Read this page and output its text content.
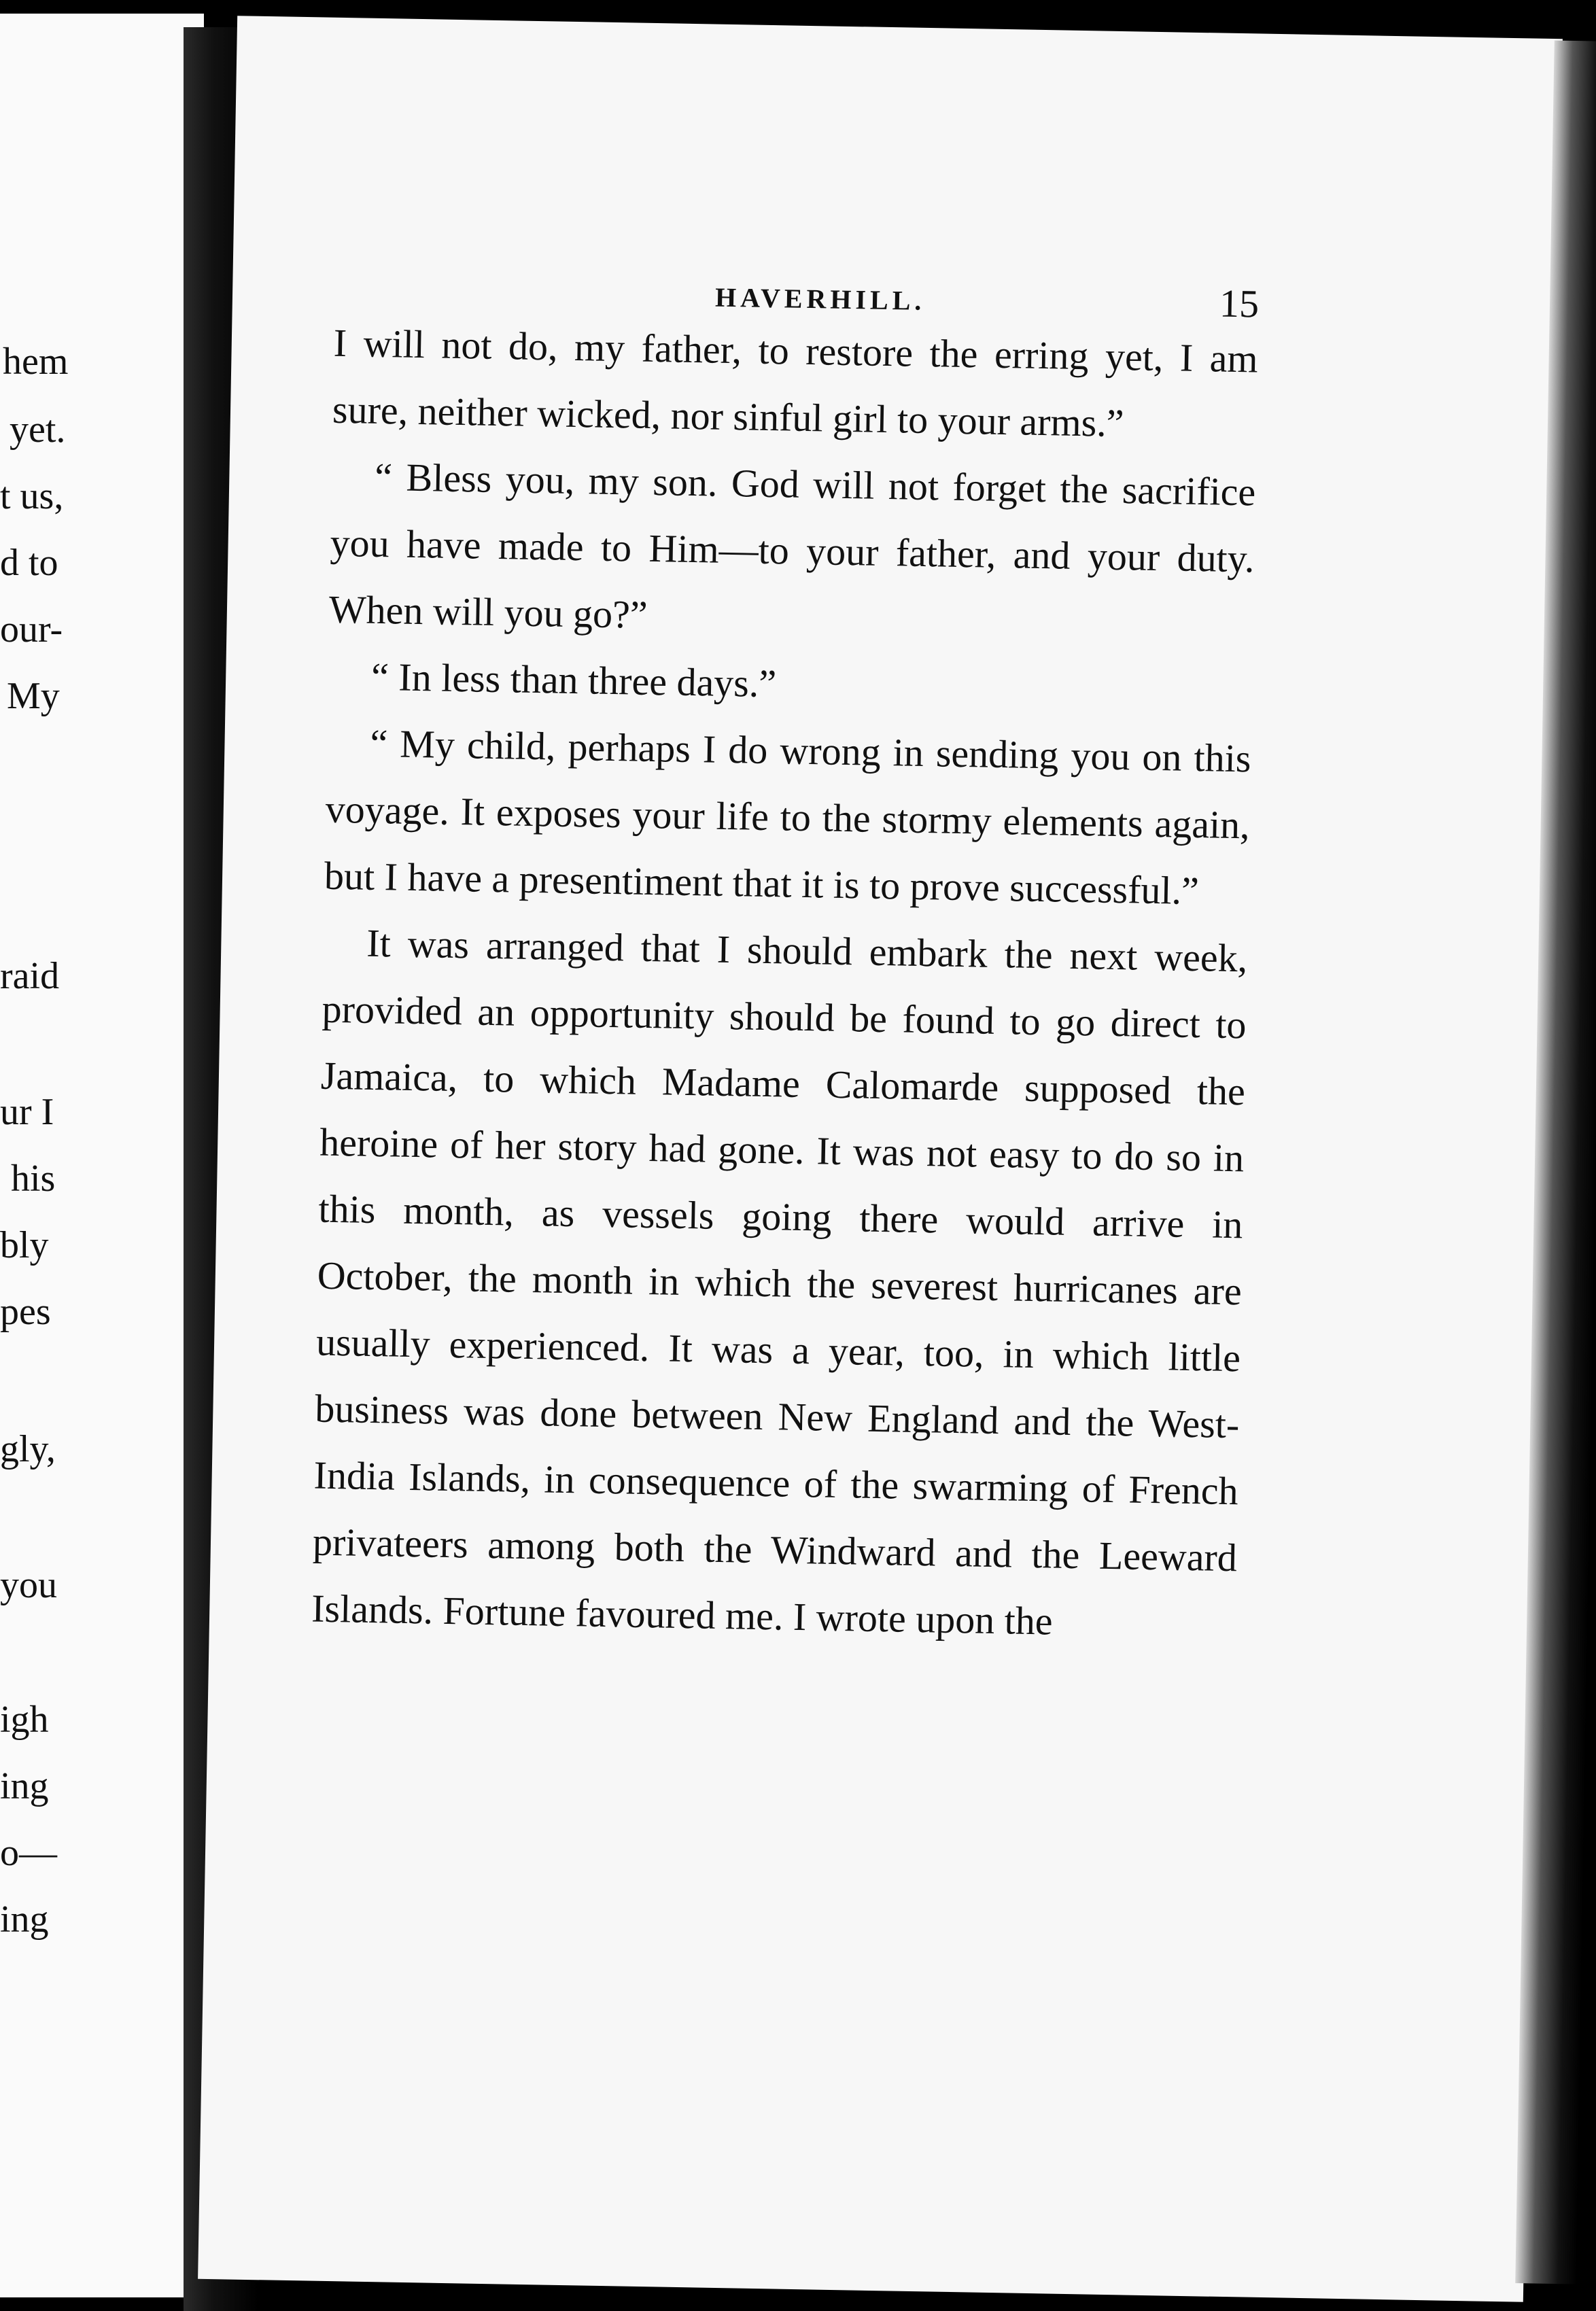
hem
yet.
t us,
d to
our-
My
raid
ur I
his
bly
pes
gly,
you
igh
ing
o—
ing
HAVERHILL.	15

I will not do, my father, to restore the erring yet, I am sure, neither wicked, nor sinful girl to your arms.”

“ Bless you, my son. God will not forget the sacrifice you have made to Him—to your father, and your duty. When will you go?”

“ In less than three days.”

“ My child, perhaps I do wrong in sending you on this voyage. It exposes your life to the stormy elements again, but I have a presentiment that it is to prove successful.”

It was arranged that I should embark the next week, provided an opportunity should be found to go direct to Jamaica, to which Madame Calomarde supposed the heroine of her story had gone. It was not easy to do so in this month, as vessels going there would arrive in October, the month in which the severest hurricanes are usually experienced. It was a year, too, in which little business was done between New England and the West-India Islands, in consequence of the swarming of French privateers among both the Windward and the Leeward Islands. Fortune favoured me. I wrote upon the
